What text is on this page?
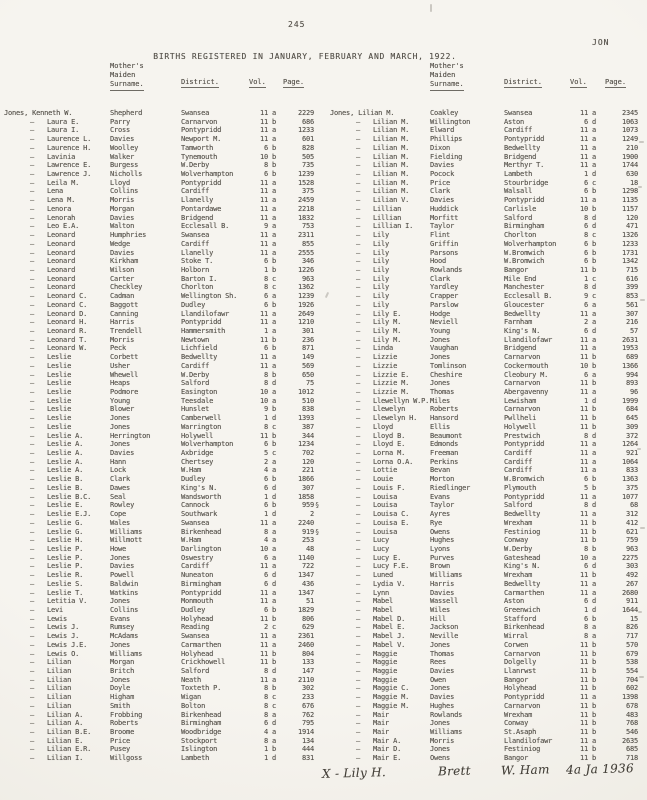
245
BIRTHS REGISTERED IN JANUARY, FEBRUARY AND MARCH, 1922.
JON
Mother's
Maiden
Surname.	District.	Vol. Page.
Mother's
Maiden
Surname.	District.	Vol.	Page.
Jones, Kenneth W.	Shepherd	Swansea	11 a	2229
— Laura E.	Parry	Carnarvon	11 b	686
— Laura I.	Cross	Pontypridd	11 a	1233
— Laurence L.	Davies	Newport M.	11 a	601
— Laurence H.	Woolley	Tamworth	6 b	828
— Lavinia	Walker	Tynemouth	10 b	505
— Lawrence E.	Burgess	W.Derby	8 b	735
— Lawrence J.	Nicholls	Wolverhampton	6 b	1239
— Leila M.	Lloyd	Pontypridd	11 a	1528
— Lena	Collins	Cardiff	11 a	375
— Lena M.	Morris	Llanelly	11 a	2459
— Lenora	Morgan	Pontardawe	11 a	2218
— Lenorah	Davies	Bridgend	11 a	1832
— Leo E.A.	Walton	Ecclesall B.	9 a	753
— Leonard	Humphries	Swansea	11 a	2311
— Leonard	Wedge	Cardiff	11 a	855
— Leonard	Davies	Llanelly	11 a	2555
— Leonard	Kirkham	Stoke T.	6 b	346
— Leonard	Wilson	Holborn	1 b	1226
— Leonard	Carter	Barton I.	8 c	963
— Leonard	Checkley	Chorlton	8 c	1362
— Leonard C.	Cadman	Wellington Sh.	6 a	1239
— Leonard C.	Baggott	Dudley	6 b	1926
— Leonard D.	Canning	Llandilofawr	11 a	2649
— Leonard H.	Harris	Pontypridd	11 a	1210
— Leonard R.	Trendell	Hammersmith	1 a	301
— Leonard T.	Morris	Newtown	11 b	236
— Leonard W.	Peck	Lichfield	6 b	871
— Leslie	Corbett	Bedwellty	11 a	149
— Leslie	Usher	Cardiff	11 a	569
— Leslie	Whewell	W.Derby	8 b	650
— Leslie	Heaps	Salford	8 d	75
— Leslie	Podmore	Easington	10 a	1012
— Leslie	Young	Teesdale	10 a	510
— Leslie	Blower	Hunslet	9 b	838
— Leslie	Jones	Camberwell	1 d	1393
— Leslie	Jones	Warrington	8 c	387
— Leslie A.	Herrington	Holywell	11 b	344
— Leslie A.	Jones	Wolverhampton	6 b	1234
— Leslie A.	Davies	Axbridge	5 c	702
— Leslie A.	Hann	Chertsey	2 a	120
— Leslie A.	Lock	W.Ham	4 a	221
— Leslie B.	Clark	Dudley	6 b	1866
— Leslie B.	Dawes	King's N.	6 d	307
— Leslie B.C.	Seal	Wandsworth	1 d	1858
— Leslie E.	Rowley	Cannock	6 b	959
— Leslie E.J.	Cope	Southwark	1 d	2
— Leslie G.	Wales	Swansea	11 a	2240
— Leslie G.	Williams	Birkenhead	8 a	919
— Leslie H.	Willmott	W.Ham	4 a	253
— Leslie P.	Howe	Darlington	10 a	48
— Leslie P.	Jones	Oswestry	6 a	1140
— Leslie P.	Davies	Cardiff	11 a	722
— Leslie R.	Powell	Nuneaton	6 d	1347
— Leslie S.	Baldwin	Birmingham	6 d	436
— Leslie T.	Watkins	Pontypridd	11 a	1347
— Letitia V.	Jones	Monmouth	11 a	51
— Levi	Collins	Dudley	6 b	1829
— Lewis	Evans	Holyhead	11 b	806
— Lewis J.	Rumsey	Reading	2 c	629
— Lewis J.	McAdams	Swansea	11 a	2361
— Lewis J.E.	Jones	Carmarthen	11 a	2460
— Lewis O.	Williams	Holyhead	11 b	804
— Lilian	Morgan	Crickhowell	11 b	133
— Lilian	Britch	Salford	8 d	147
— Lilian	Jones	Neath	11 a	2110
— Lilian	Doyle	Toxteth P.	8 b	302
— Lilian	Higham	Wigan	8 c	233
— Lilian	Smith	Bolton	8 c	676
— Lilian A.	Frobbing	Birkenhead	8 a	762
— Lilian A.	Roberts	Birmingham	6 d	795
— Lilian B.E.	Broome	Woodbridge	4 a	1914
— Lilian E.	Price	Stockport	8 a	134
— Lilian E.R.	Pusey	Islington	1 b	444
— Lilian I.	Willgoss	Lambeth	1 d	831
Jones, Lilian M.	Coakley	Swansea	11 a	2345
— Lilian M.	Willington	Aston	6 d	1063
— Lilian M.	Elward	Cardiff	11 a	1073
— Lilian M.	Phillips	Pontypridd	11 a	1249
— Lilian M.	Dixon	Bedwellty	11 a	210
— Lilian M.	Fielding	Bridgend	11 a	1900
— Lilian M.	Davies	Merthyr T.	11 a	1744
— Lilian M.	Pocock	Lambeth	1 d	630
— Lilian M.	Price	Stourbridge	6 c	18
— Lilian M.	Clark	Walsall	6 b	1298
— Lilian V.	Davies	Pontypridd	11 a	1135
— Lillian	Huddick	Carlisle	10 b	1157
— Lillian	Morfitt	Salford	8 d	120
— Lillian I.	Taylor	Birmingham	6 d	471
— Lily	Flint	Chorlton	8 c	1326
— Lily	Griffin	Wolverhampton	6 b	1233
— Lily	Parsons	W.Bromwich	6 b	1731
— Lily	Hood	W.Bromwich	6 b	1342
— Lily	Rowlands	Bangor	11 b	715
— Lily	Clark	Mile End	1 c	616
— Lily	Yardley	Manchester	8 d	399
— Lily	Crapper	Ecclesall B.	9 c	853
— Lily	Parslow	Gloucester	6 a	561
— Lily E.	Hodge	Bedwellty	11 a	307
— Lily M.	Neviell	Farnham	2 a	216
— Lily M.	Young	King's N.	6 d	57
— Lily M.	Jones	Llandilofawr	11 a	2631
— Linda	Vaughan	Bridgend	11 a	1953
— Lizzie	Jones	Carnarvon	11 b	689
— Lizzie	Tomlinson	Cockermouth	10 b	1366
— Lizzie E.	Cheshire	Cleobury M.	6 a	994
— Lizzie M.	Jones	Carnarvon	11 b	893
— Lizzie M.	Thomas	Abergavenny	11 a	96
— Llewellyn W.P. Miles	Lewisham	1 d	1999
— Llewelyn	Roberts	Carnarvon	11 b	684
— Llewelyn H.	Hansord	Pwllheli	11 b	645
— Lloyd	Ellis	Holywell	11 b	309
— Lloyd B.	Beaumont	Prestwich	8 d	372
— Lloyd E.	Edmonds	Pontypridd	11 a	1264
— Lorna M.	Freeman	Cardiff	11 a	921
— Lorna O.A.	Perkins	Cardiff	11 a	1064
— Lottie	Bevan	Cardiff	11 a	833
— Louie	Morton	W.Bromwich	6 b	1363
— Louis F.	Riedlinger	Plymouth	5 b	375
— Louisa	Evans	Pontypridd	11 a	1077
§	— Louisa	Taylor	Salford	8 d	68
— Louisa C.	Ayres	Bedwellty	11 a	312
— Louisa E.	Rye	Wrexham	11 b	412
§	— Louisa	Owens	Festiniog	11 b	621
— Lucy	Hughes	Conway	11 b	759
— Lucy	Lyons	W.Derby	8 b	963
— Lucy E.	Purves	Gateshead	10 a	2275
— Lucy F.E.	Brown	King's N.	6 d	303
— Luned	Williams	Wrexham	11 b	492
— Lydia V.	Harris	Bedwellty	11 a	267
— Lynn	Davies	Carmarthen	11 a	2680
— Mabel	Wassell	Aston	6 d	911
— Mabel	Wiles	Greenwich	1 d	1644
— Mabel D.	Hill	Stafford	6 b	15
— Mabel E.	Jackson	Birkenhead	8 a	826
— Mabel J.	Neville	Wirral	8 a	717
— Mabel V.	Jones	Corwen	11 b	570
— Maggie	Thomas	Carnarvon	11 b	679
— Maggie	Rees	Dolgelly	11 b	538
— Maggie	Davies	Llanrwst	11 b	554
— Maggie	Owen	Bangor	11 b	704
— Maggie C.	Jones	Holyhead	11 b	602
— Maggie M.	Davies	Pontypridd	11 a	1398
— Maggie M.	Hughes	Carnarvon	11 b	678
— Mair	Rowlands	Wrexham	11 b	483
— Mair	Jones	Conway	11 b	768
— Mair	Williams	St.Asaph	11 b	546
— Mair A.	Morris	Llandilofawr	11 a	2635
— Mair D.	Jones	Festiniog	11 b	685
— Mair E.	Owens	Bangor	11 b	718
X - Lily H.	Brett W. Ham 4a Ja 1936
